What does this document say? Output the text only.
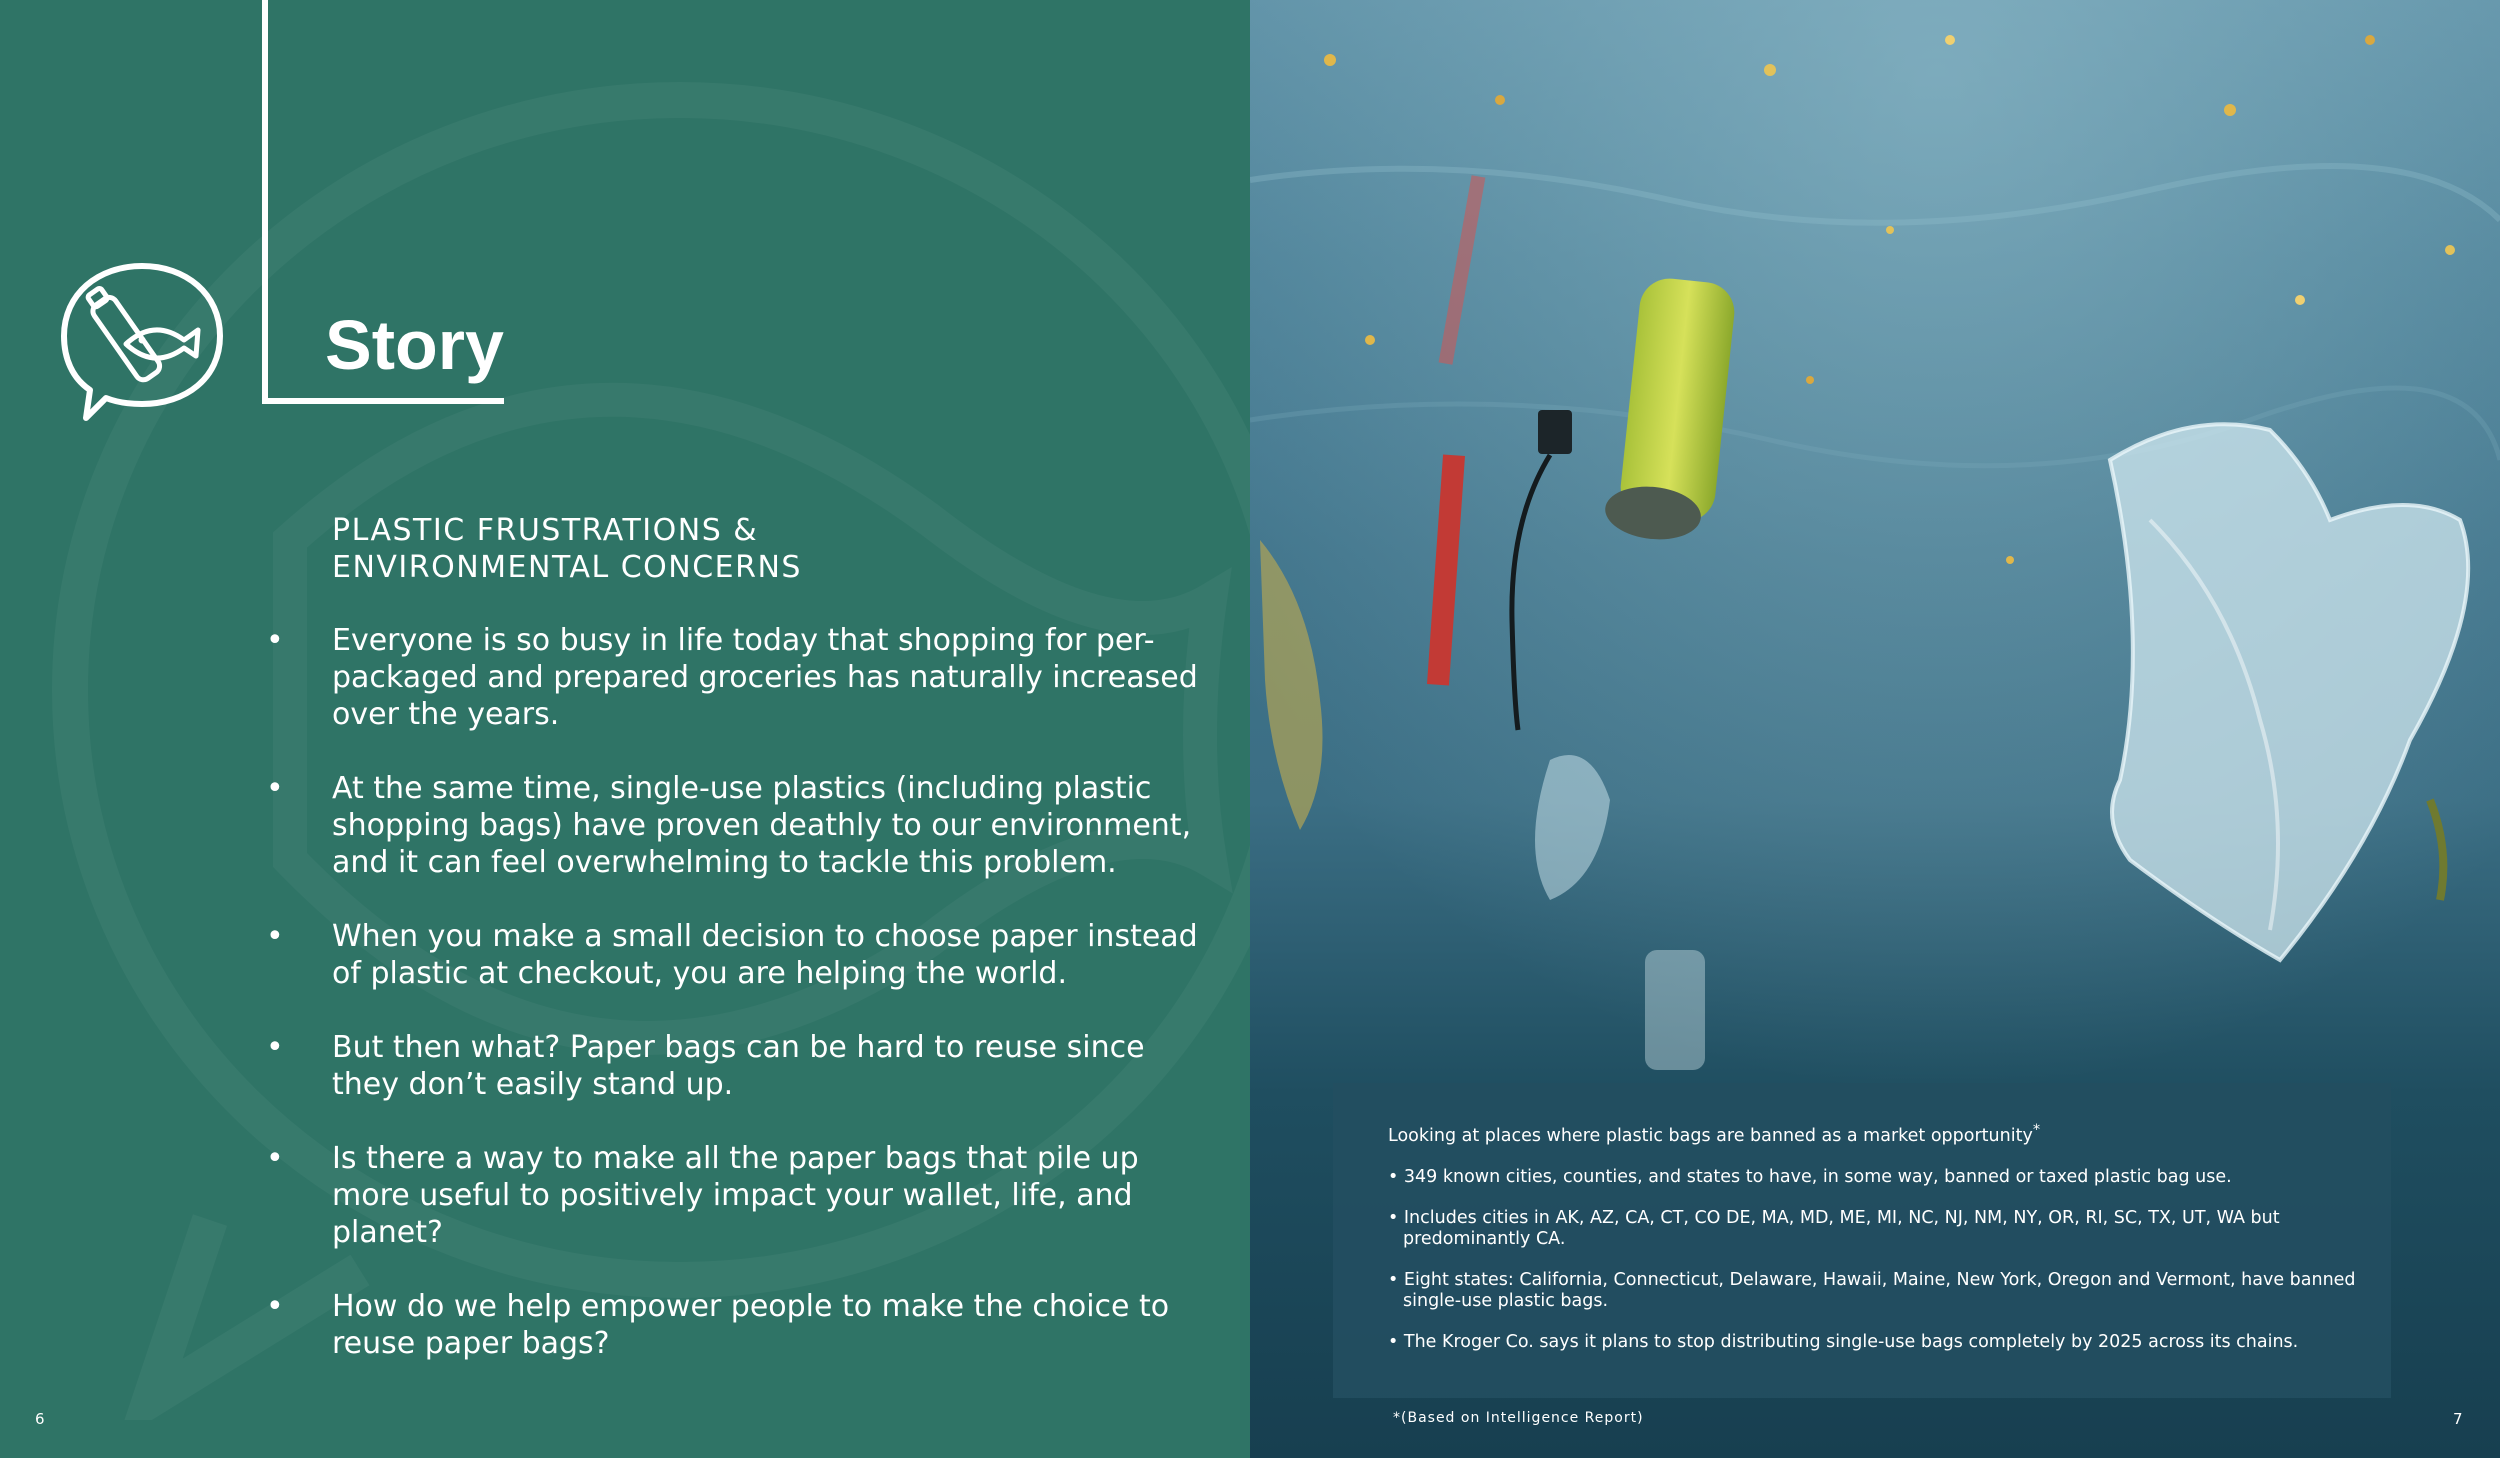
Story
PLASTIC FRUSTRATIONS &
ENVIRONMENTAL CONCERNS
• Everyone is so busy in life today that shopping for per-packaged and prepared groceries has naturally increased over the years.
• At the same time, single-use plastics (including plastic shopping bags) have proven deathly to our environment, and it can feel overwhelming to tackle this problem.
• When you make a small decision to choose paper instead of plastic at checkout, you are helping the world.
• But then what? Paper bags can be hard to reuse since they don’t easily stand up.
• Is there a way to make all the paper bags that pile up more useful to positively impact your wallet, life, and planet?
• How do we help empower people to make the choice to reuse paper bags?
6
Looking at places where plastic bags are banned as a market opportunity*
• 349 known cities, counties, and states to have, in some way, banned or taxed plastic bag use.
• Includes cities in AK, AZ, CA, CT, CO DE, MA, MD, ME, MI, NC, NJ, NM, NY, OR, RI, SC, TX, UT, WA but predominantly CA.
• Eight states: California, Connecticut, Delaware, Hawaii, Maine, New York, Oregon and Vermont, have banned single-use plastic bags.
• The Kroger Co. says it plans to stop distributing single-use bags completely by 2025 across its chains.
*(Based on Intelligence Report)	7
